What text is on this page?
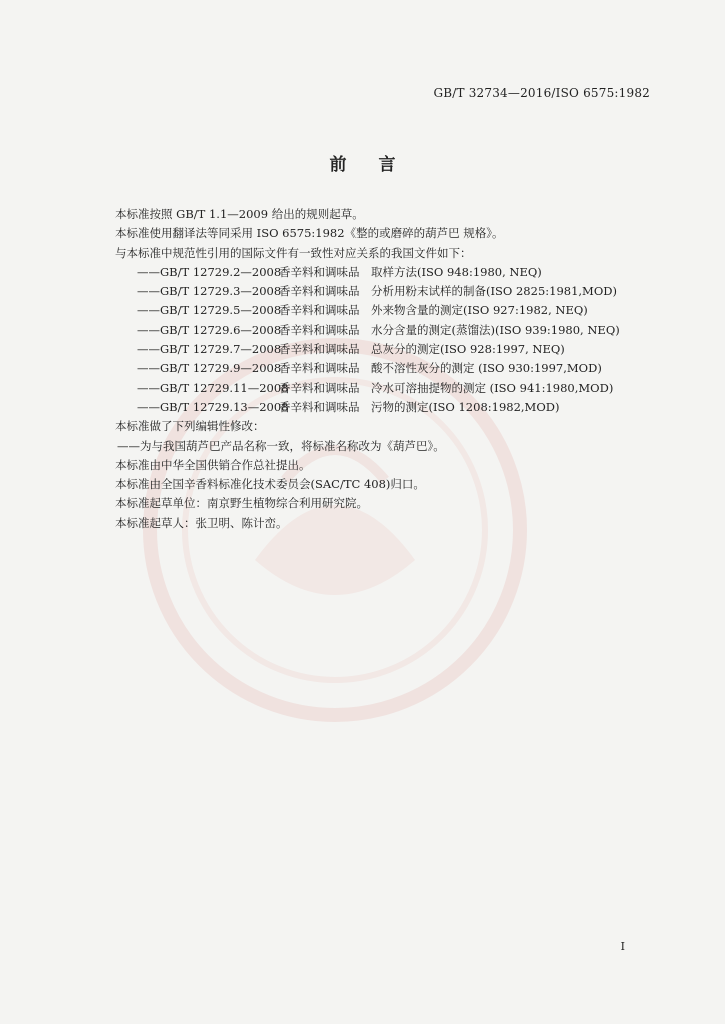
GB/T 32734—2016/ISO 6575:1982
前 言
本标准按照 GB/T 1.1—2009 给出的规则起草。
本标准使用翻译法等同采用 ISO 6575:1982《整的或磨碎的葫芦巴 规格》。
与本标准中规范性引用的国际文件有一致性对应关系的我国文件如下：
——GB/T 12729.2—2008香辛料和调味品 取样方法(ISO 948:1980, NEQ)
——GB/T 12729.3—2008香辛料和调味品 分析用粉末试样的制备(ISO 2825:1981,MOD)
——GB/T 12729.5—2008香辛料和调味品 外来物含量的测定(ISO 927:1982, NEQ)
——GB/T 12729.6—2008香辛料和调味品 水分含量的测定(蒸馏法)(ISO 939:1980, NEQ)
——GB/T 12729.7—2008香辛料和调味品 总灰分的测定(ISO 928:1997, NEQ)
——GB/T 12729.9—2008香辛料和调味品 酸不溶性灰分的测定 (ISO 930:1997,MOD)
——GB/T 12729.11—2008香辛料和调味品 冷水可溶抽提物的测定 (ISO 941:1980,MOD)
——GB/T 12729.13—2008香辛料和调味品 污物的测定(ISO 1208:1982,MOD)
本标准做了下列编辑性修改：
——为与我国葫芦巴产品名称一致，将标准名称改为《葫芦巴》。
本标准由中华全国供销合作总社提出。
本标准由全国辛香料标准化技术委员会(SAC/TC 408)归口。
本标准起草单位：南京野生植物综合利用研究院。
本标准起草人：张卫明、陈计峦。
I
